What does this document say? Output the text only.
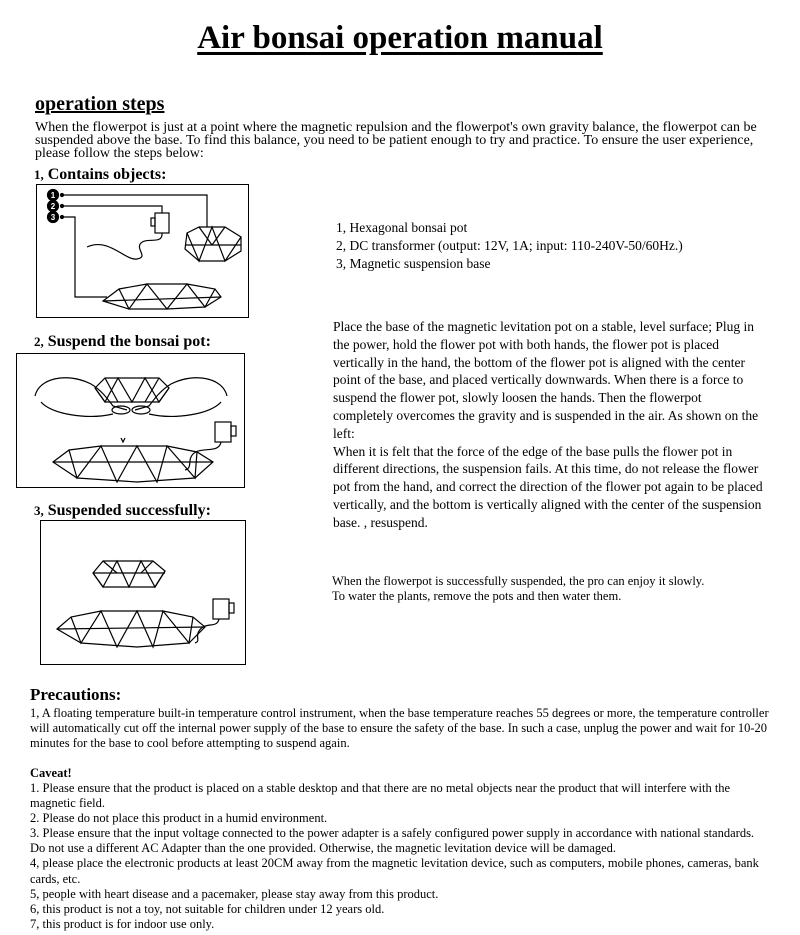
Air bonsai operation manual
operation steps
When the flowerpot is just at a point where the magnetic repulsion and the flowerpot's own gravity balance, the flowerpot can be suspended above the base. To find this balance, you need to be patient enough to try and practice. To ensure the user experience, please follow the steps below:
1, Contains objects:
1
2
3
1, Hexagonal bonsai pot
2, DC transformer (output: 12V, 1A; input: 110-240V-50/60Hz.)
3, Magnetic suspension base
2, Suspend the bonsai pot:
Place the base of the magnetic levitation pot on a stable, level surface; Plug in the power, hold the flower pot with both hands, the flower pot is placed vertically in the hand, the bottom of the flower pot is aligned with the center point of the base, and placed vertically downwards. When there is a force to suspend the flower pot, slowly loosen the hands. Then the flowerpot completely overcomes the gravity and is suspended in the air. As shown on the left:
When it is felt that the force of the edge of the base pulls the flower pot in different directions, the suspension fails. At this time, do not release the flower pot from the hand, and correct the direction of the flower pot again to be placed vertically, and the bottom is vertically aligned with the center of the suspension base. , resuspend.
3, Suspended successfully:
When the flowerpot is successfully suspended, the pro can enjoy it slowly.
To water the plants, remove the pots and then water them.
Precautions:
1, A floating temperature built-in temperature control instrument, when the base temperature reaches 55 degrees or more, the temperature controller will automatically cut off the internal power supply of the base to ensure the safety of the base. In such a case, unplug the power and wait for 10-20 minutes for the base to cool before attempting to suspend again.
Caveat!
1. Please ensure that the product is placed on a stable desktop and that there are no metal objects near the product that will interfere with the magnetic field.
2. Please do not place this product in a humid environment.
3. Please ensure that the input voltage connected to the power adapter is a safely configured power supply in accordance with national standards. Do not use a different AC Adapter than the one provided. Otherwise, the magnetic levitation device will be damaged.
4, please place the electronic products at least 20CM away from the magnetic levitation device, such as computers, mobile phones, cameras, bank cards, etc.
5, people with heart disease and a pacemaker, please stay away from this product.
6, this product is not a toy, not suitable for children under 12 years old.
7, this product is for indoor use only.
